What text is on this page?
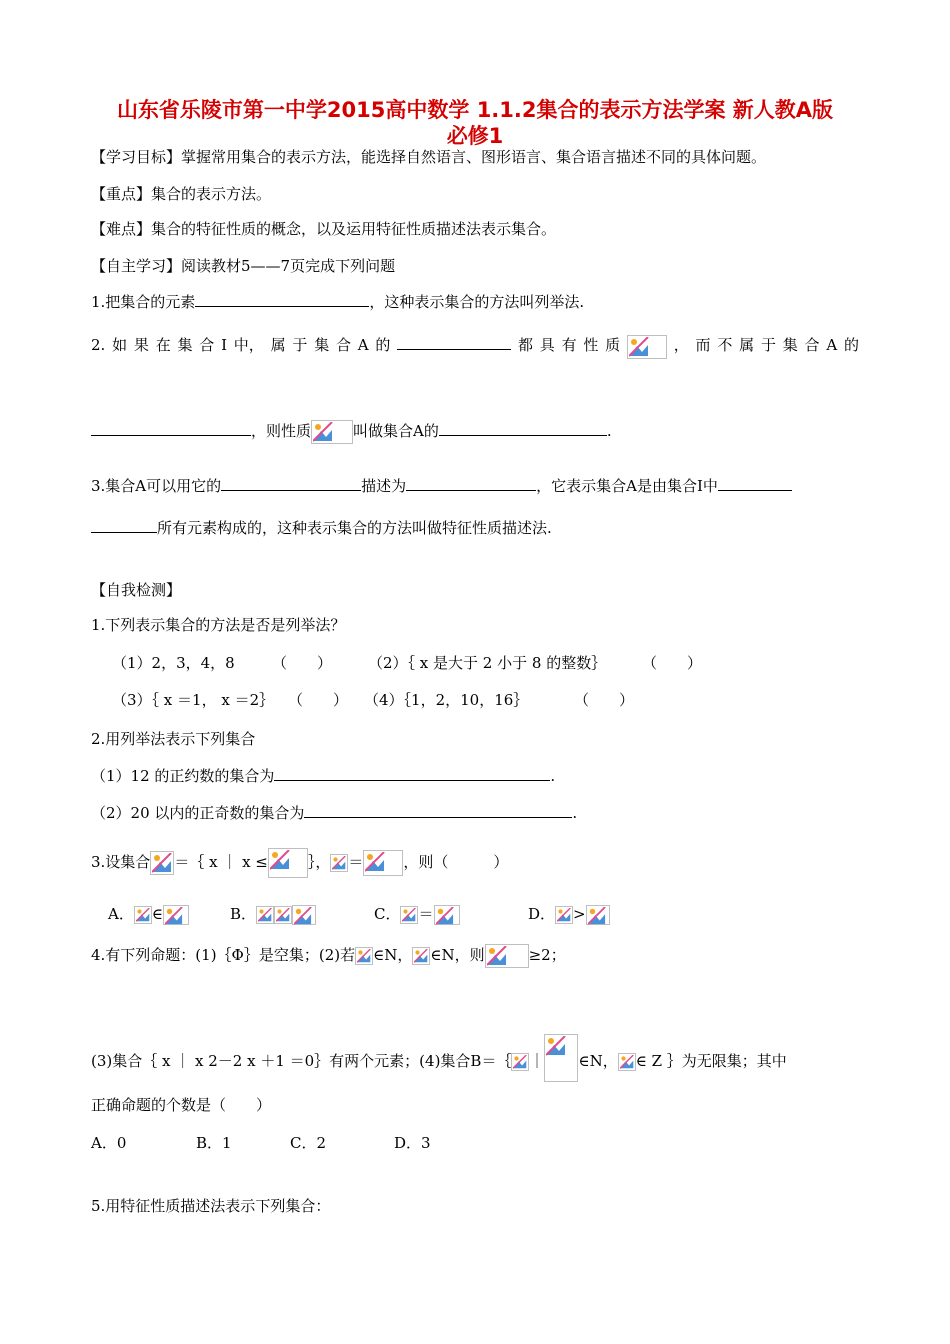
山东省乐陵市第一中学2015高中数学 1.1.2集合的表示方法学案 新人教A版
必修1
【学习目标】掌握常用集合的表示方法，能选择自然语言、图形语言、集合语言描述不同的具体问题。
【重点】集合的表示方法。
【难点】集合的特征性质的概念，以及运用特征性质描述法表示集合。
【自主学习】阅读教材5——7页完成下列问题
1.把集合的元素	，这种表示集合的方法叫列举法.
2. 如 果 在 集 合 I 中， 属 于 集 合 A 的	都 具 有 性 质	， 而 不 属 于 集 合 A 的
，则性质	叫做集合A的	.
3.集合A可以用它的	描述为	，它表示集合A是由集合I中
所有元素构成的，这种表示集合的方法叫做特征性质描述法.
【自我检测】
1.下列表示集合的方法是否是列举法？
（1）2，3，4，8 （　　） （2）｛ x 是大于 2 小于 8 的整数｝ （　　）
（3）｛ x ＝1， x ＝2｝ （　　） （4）｛1，2，10，16｝	（　　）
2.用列举法表示下列集合
（1）12 的正约数的集合为	.
（2）20 以内的正奇数的集合为	.
3.设集合 ＝｛ x ｜ x ≤	｝， ＝	，则（　　　）
A． ∈	B．	C． ＝	D． >
4.有下列命题：(1)｛Φ｝是空集；(2)若 ∈N， ∈N，则	≥2；
(3)集合｛ x ｜ x 2－2 x ＋1 ＝0｝有两个元素；(4)集合B＝｛ ｜ ∈N， ∈ Z ｝为无限集；其中
正确命题的个数是（　　）
A．0	B．1	C．2	D．3
5.用特征性质描述法表示下列集合：
